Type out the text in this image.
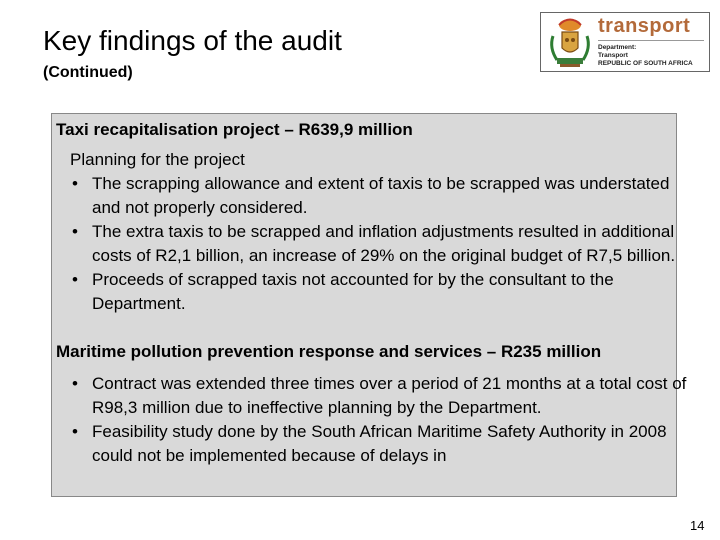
Key findings of the audit
(Continued)
transport
Department:
Transport
REPUBLIC OF SOUTH AFRICA
Taxi recapitalisation project – R639,9 million
Planning for the project
• The scrapping allowance and extent of taxis to be scrapped was understated and not properly considered.
• The extra taxis to be scrapped and inflation adjustments resulted in additional costs of R2,1 billion, an increase of 29% on the original budget of R7,5 billion.
• Proceeds of scrapped taxis not accounted for by the consultant to the Department.
Maritime pollution prevention response and services – R235 million
• Contract was extended three times over a period of 21 months at a total cost of R98,3 million due to ineffective planning by the Department.
• Feasibility study done by the South African Maritime Safety Authority in 2008 could not be implemented because of delays in
14
